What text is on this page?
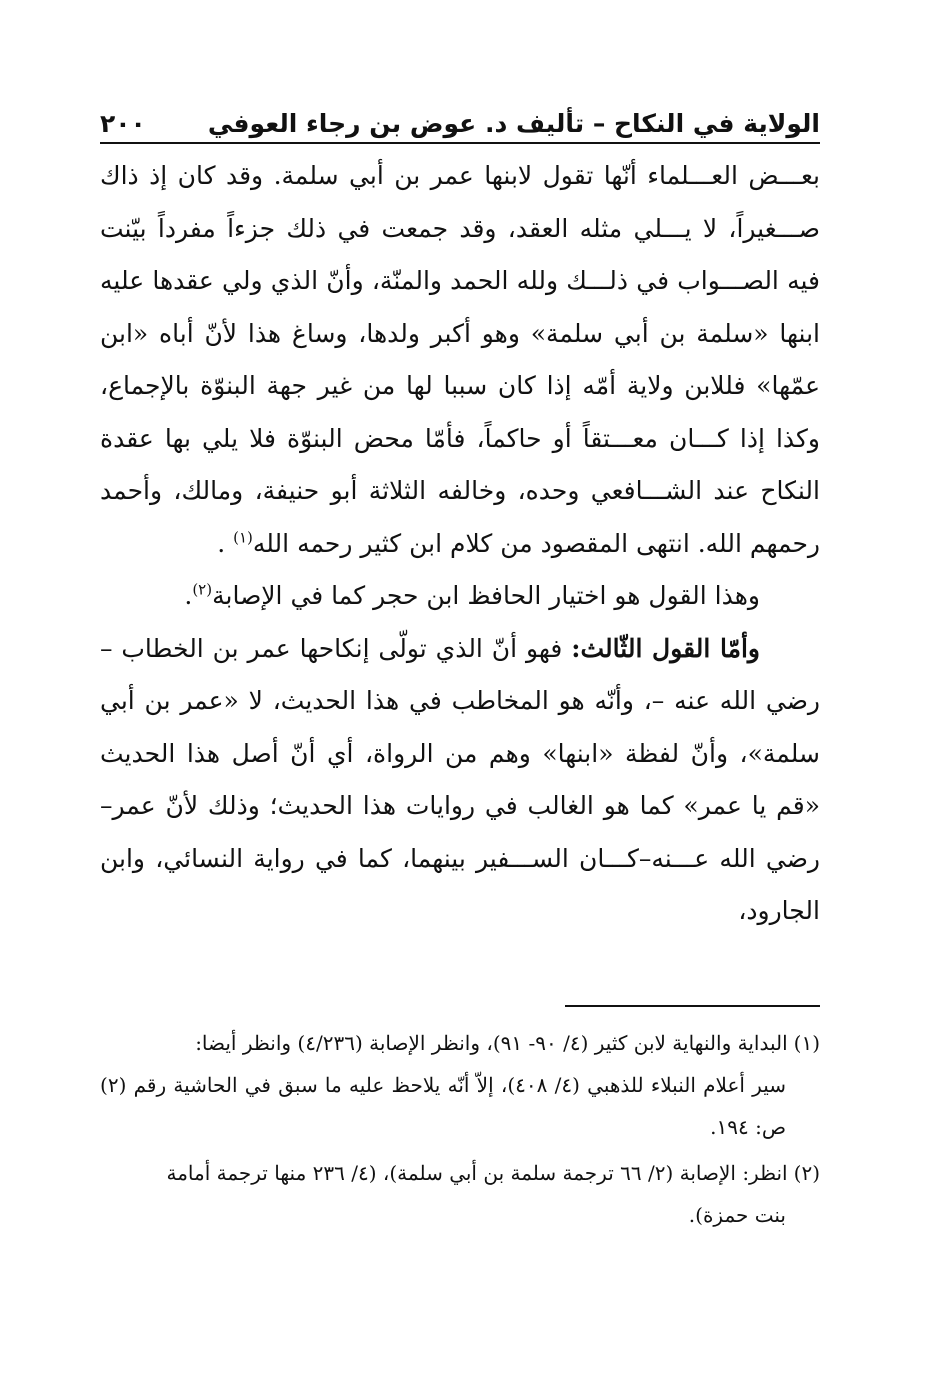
الولاية في النكاح – تأليف د. عوض بن رجاء العوفي
٢٠٠

بعـــض العـــلماء أنّها تقول لابنها عمر بن أبي سلمة. وقد كان إذ ذاك صـــغيراً، لا يـــلي مثله العقد، وقد جمعت في ذلك جزءاً مفرداً بيّنت فيه الصـــواب في ذلـــك ولله الحمد والمنّة، وأنّ الذي ولي عقدها عليه ابنها «سلمة بن أبي سلمة» وهو أكبر ولدها، وساغ هذا لأنّ أباه «ابن عمّها» فللابن ولاية أمّه إذا كان سببا لها من غير جهة البنوّة بالإجماع، وكذا إذا كـــان معـــتقاً أو حاكماً، فأمّا محض البنوّة فلا يلي بها عقدة النكاح عند الشـــافعي وحده، وخالفه الثلاثة أبو حنيفة، ومالك، وأحمد رحمهم الله. انتهى المقصود من كلام ابن كثير رحمه الله$^{(١)}$ .

وهذا القول هو اختيار الحافظ ابن حجر كما في الإصابة$^{(٢)}$.

وأمّا القول الثّالث: فهو أنّ الذي تولّى إنكاحها عمر بن الخطاب – رضي الله عنه –، وأنّه هو المخاطب في هذا الحديث، لا «عمر بن أبي سلمة»، وأنّ لفظة «ابنها» وهم من الرواة، أي أنّ أصل هذا الحديث «قم يا عمر» كما هو الغالب في روايات هذا الحديث؛ وذلك لأنّ عمر–رضي الله عـــنه–كـــان الســـفير بينهما، كما في رواية النسائي، وابن الجارود،

(١)البداية والنهاية لابن كثير (٤/ ٩٠- ٩١)، وانظر الإصابة (٤/٢٣٦) وانظر أيضا:
سير أعلام النبلاء للذهبي (٤/ ٤٠٨)، إلاّ أنّه يلاحظ عليه ما سبق في الحاشية رقم (٢) ص: ١٩٤.

(٢)انظر: الإصابة (٢/ ٦٦ ترجمة سلمة بن أبي سلمة)، (٤/ ٢٣٦ منها ترجمة أمامة
بنت حمزة).
